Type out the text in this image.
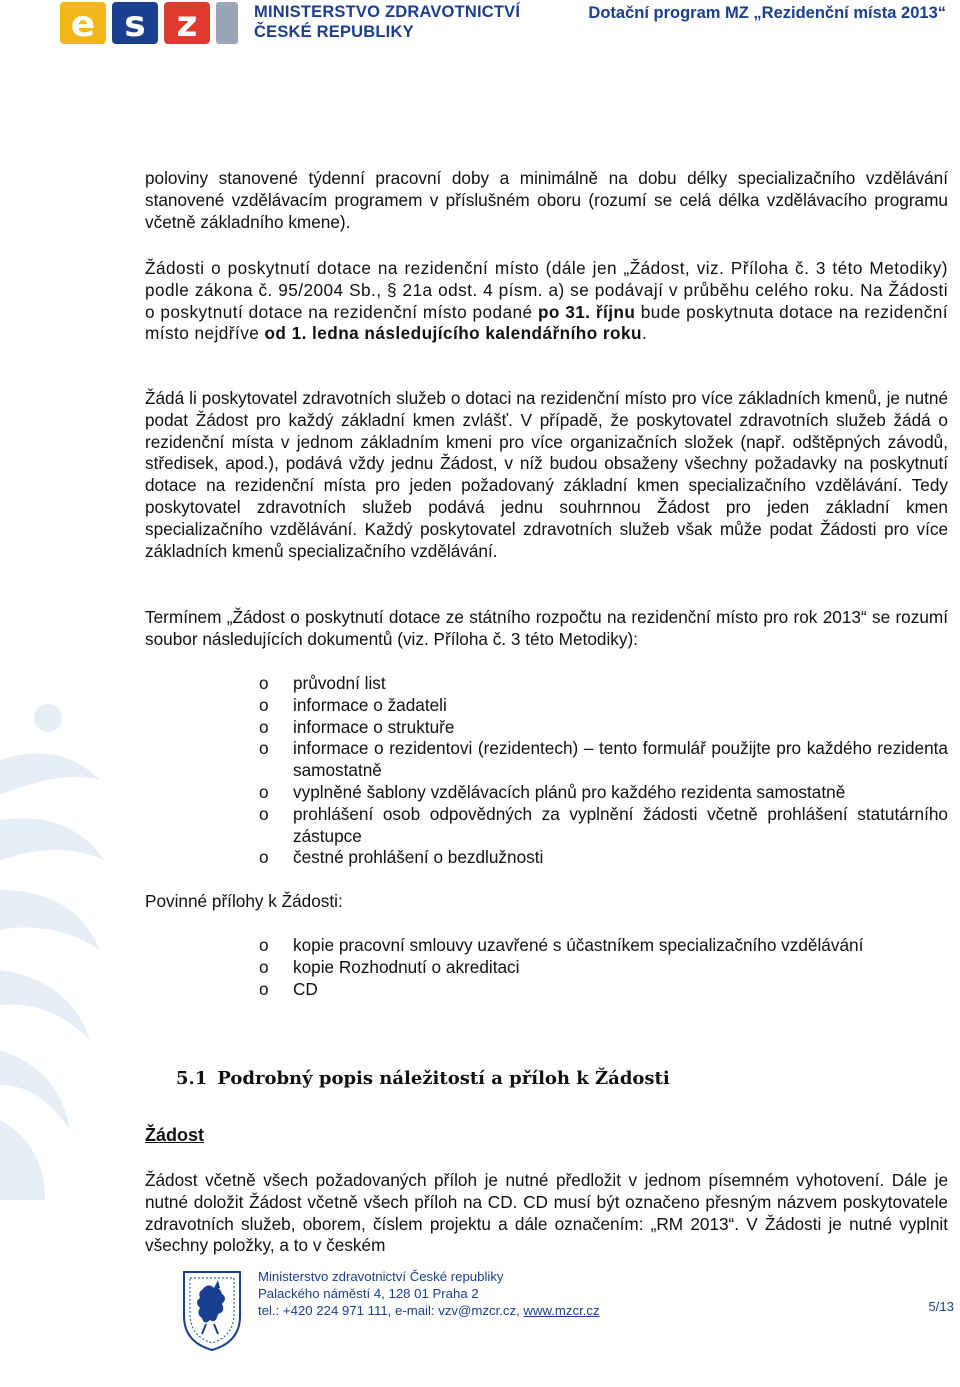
e s z	MINISTERSTVO ZDRAVOTNICTVÍ
ČESKÉ REPUBLIKY
Dotační program MZ „Rezidenční místa 2013“

poloviny stanovené týdenní pracovní doby a minimálně na dobu délky specializačního vzdělávání stanovené vzdělávacím programem v příslušném oboru (rozumí se celá délka vzdělávacího programu včetně základního kmene).

Žádosti o poskytnutí dotace na rezidenční místo (dále jen „Žádost, viz. Příloha č. 3 této Metodiky) podle zákona č. 95/2004 Sb., § 21a odst. 4 písm. a) se podávají v průběhu celého roku. Na Žádosti o poskytnutí dotace na rezidenční místo podané po 31. říjnu bude poskytnuta dotace na rezidenční místo nejdříve od 1. ledna následujícího kalendářního roku.

Žádá li poskytovatel zdravotních služeb o dotaci na rezidenční místo pro více základních kmenů, je nutné podat Žádost pro každý základní kmen zvlášť. V případě, že poskytovatel zdravotních služeb žádá o rezidenční místa v jednom základním kmeni pro více organizačních složek (např. odštěpných závodů, středisek, apod.), podává vždy jednu Žádost, v níž budou obsaženy všechny požadavky na poskytnutí dotace na rezidenční místa pro jeden požadovaný základní kmen specializačního vzdělávání. Tedy poskytovatel zdravotních služeb podává jednu souhrnnou Žádost pro jeden základní kmen specializačního vzdělávání. Každý poskytovatel zdravotních služeb však může podat Žádosti pro více základních kmenů specializačního vzdělávání.

Termínem „Žádost o poskytnutí dotace ze státního rozpočtu na rezidenční místo pro rok 2013“ se rozumí soubor následujících dokumentů (viz. Příloha č. 3 této Metodiky):

o průvodní list
o informace o žadateli
o informace o struktuře
o informace o rezidentovi (rezidentech) – tento formulář použijte pro každého rezidenta samostatně
o vyplněné šablony vzdělávacích plánů pro každého rezidenta samostatně
o prohlášení osob odpovědných za vyplnění žádosti včetně prohlášení statutárního zástupce
o čestné prohlášení o bezdlužnosti

Povinné přílohy k Žádosti:

o kopie pracovní smlouvy uzavřené s účastníkem specializačního vzdělávání
o kopie Rozhodnutí o akreditaci
o CD
5.1 Podrobný popis náležitostí a příloh k Žádosti
Žádost

Žádost včetně všech požadovaných příloh je nutné předložit v jednom písemném vyhotovení. Dále je nutné doložit Žádost včetně všech příloh na CD. CD musí být označeno přesným názvem poskytovatele zdravotních služeb, oborem, číslem projektu a dále označením: „RM 2013“. V Žádosti je nutné vyplnit všechny položky, a to v českém

Ministerstvo zdravotnictví České republiky
Palackého náměstí 4, 128 01 Praha 2
tel.: +420 224 971 111, e-mail: vzv@mzcr.cz, www.mzcr.cz	5/13
